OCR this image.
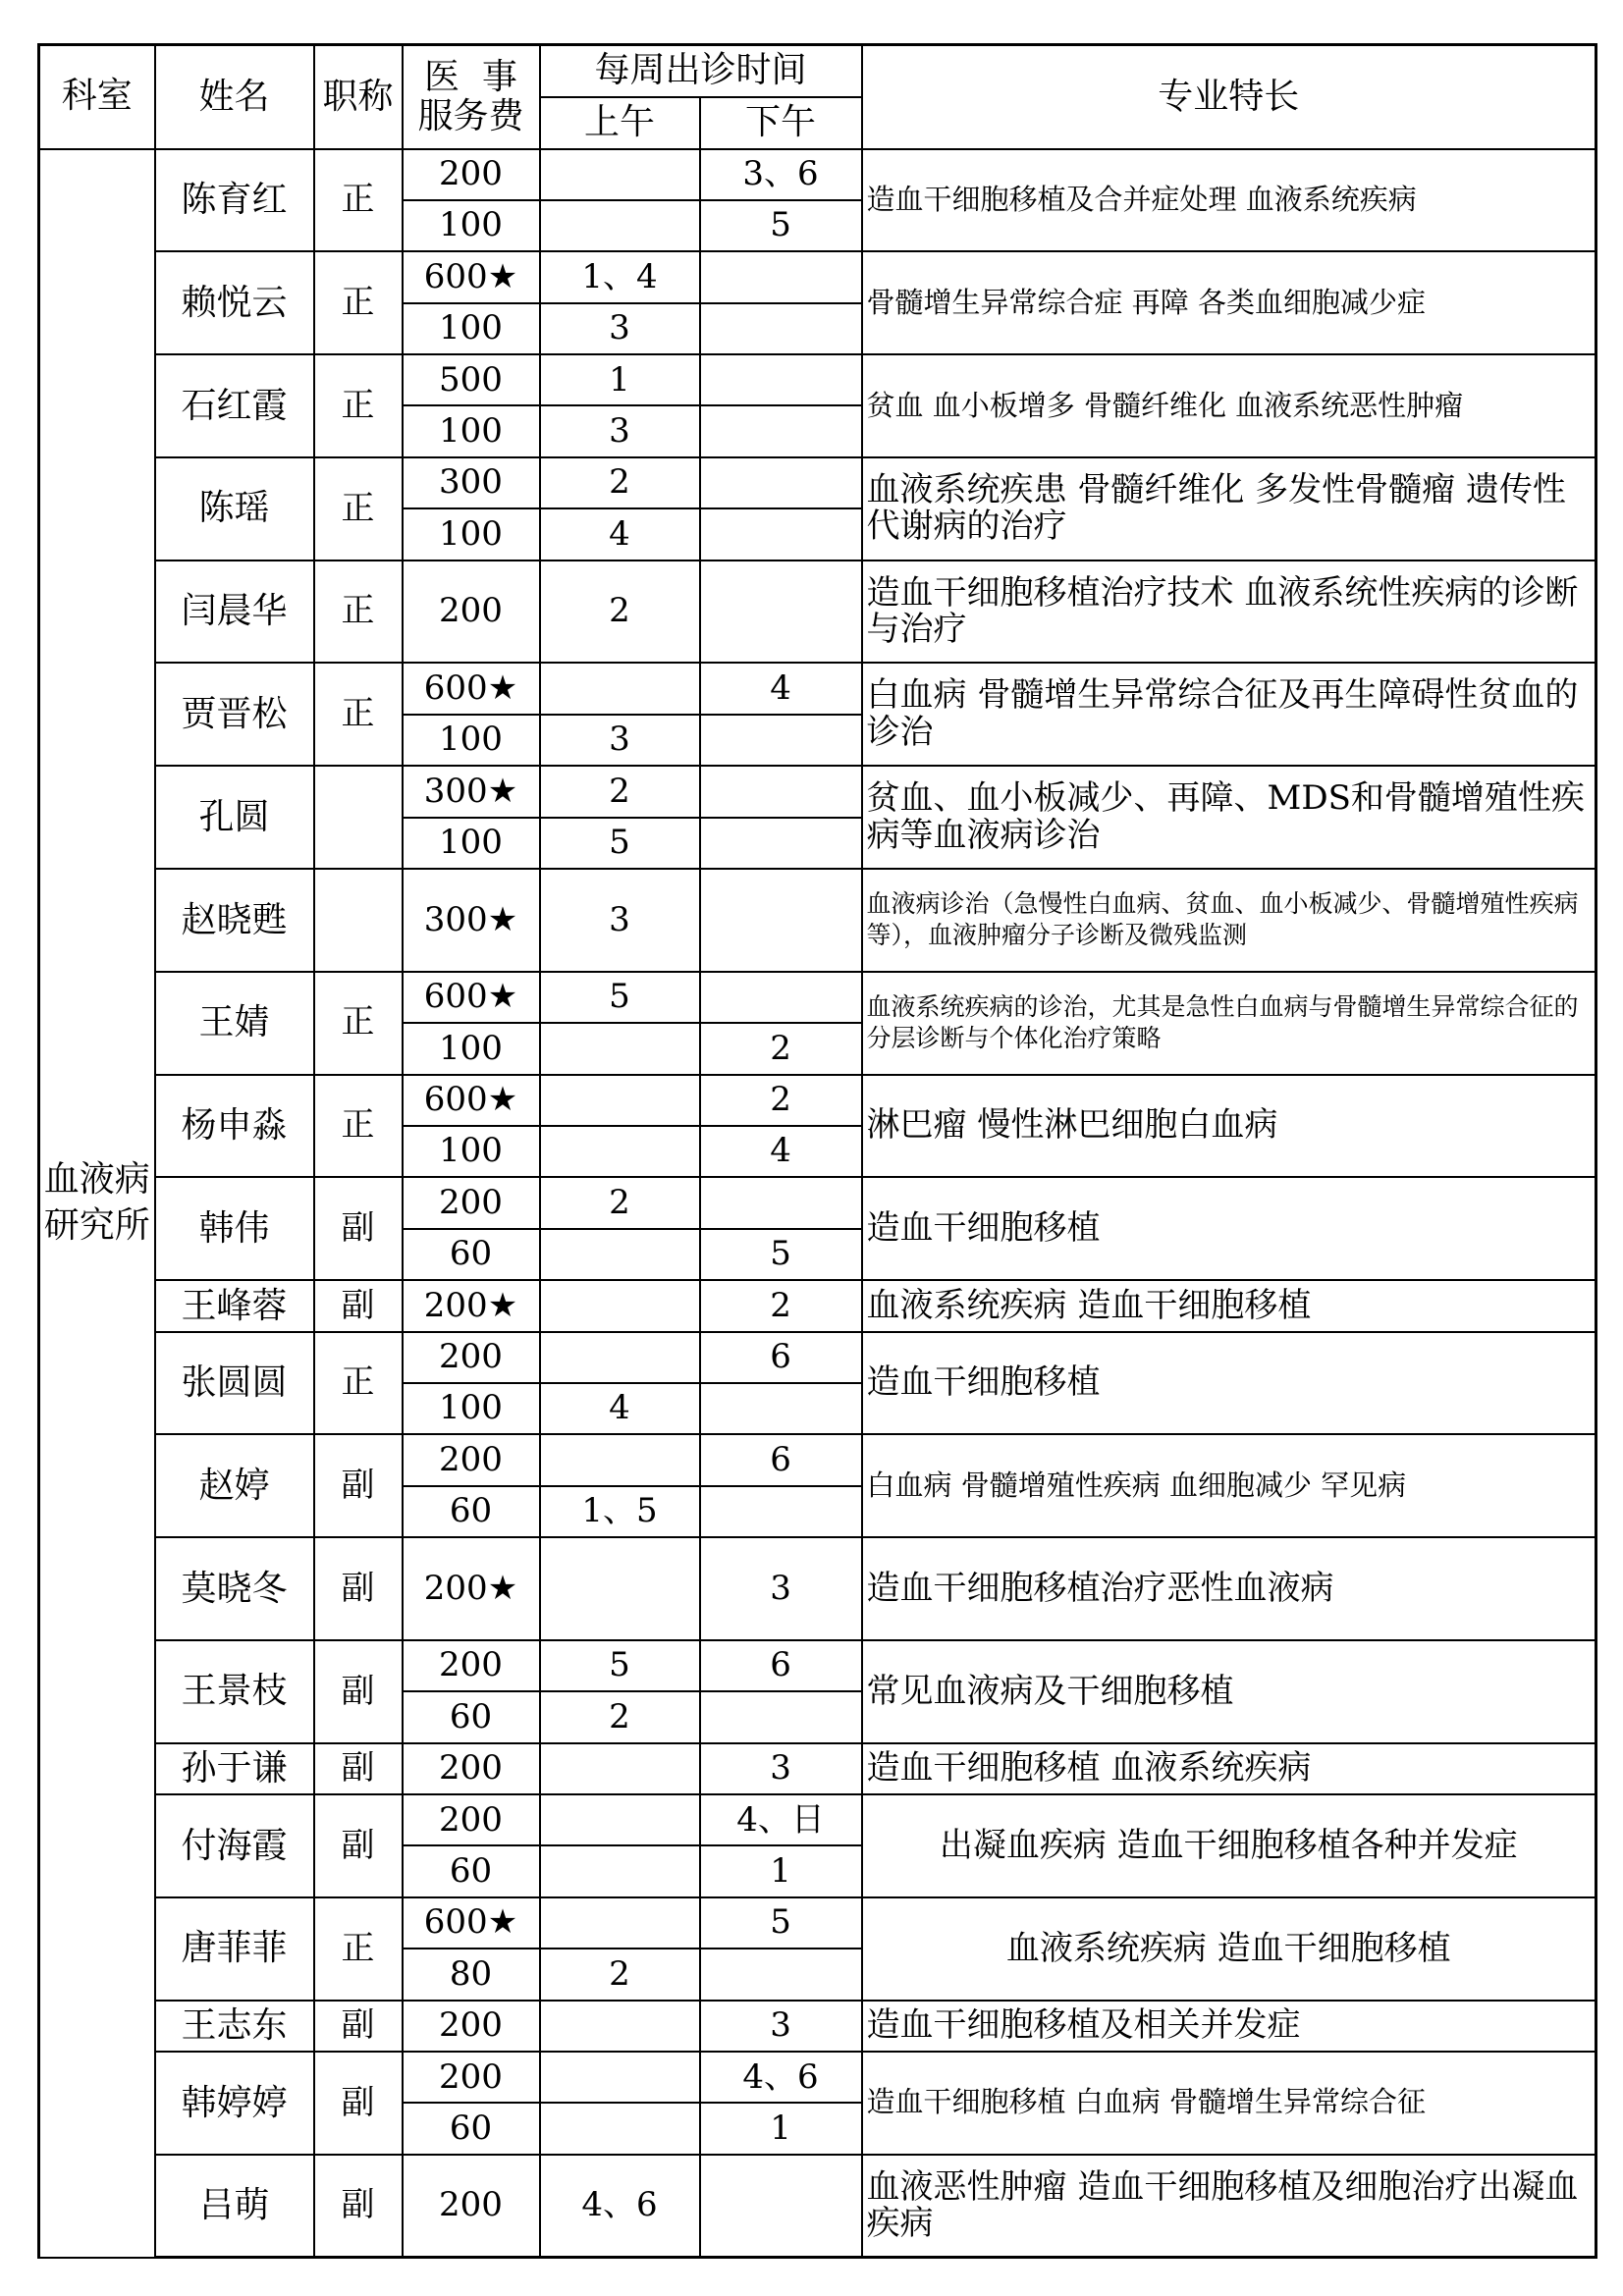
科室	姓名	职称	医  事
服务费	每周出诊时间		专业特长
				上午	下午	
血液病研究所	陈育红	正	200		3、6	造血干细胞移植及合并症处理 血液系统疾病
			100		5	
	赖悦云	正	600★	1、4		骨髓增生异常综合症 再障 各类血细胞减少症
			100	3		
	石红霞	正	500	1		贫血 血小板增多 骨髓纤维化 血液系统恶性肿瘤
			100	3		
	陈瑶	正	300	2		血液系统疾患 骨髓纤维化 多发性骨髓瘤 遗传性代谢病的治疗
			100	4		
	闫晨华	正	200	2		造血干细胞移植治疗技术 血液系统性疾病的诊断与治疗
	贾晋松	正	600★		4	白血病 骨髓增生异常综合征及再生障碍性贫血的诊治
			100	3		
	孔圆		300★	2		贫血、血小板减少、再障、MDS和骨髓增殖性疾病等血液病诊治
			100	5		
	赵晓甦		300★	3		血液病诊治（急慢性白血病、贫血、血小板减少、骨髓增殖性疾病等），血液肿瘤分子诊断及微残监测
	王婧	正	600★	5		血液系统疾病的诊治，尤其是急性白血病与骨髓增生异常综合征的分层诊断与个体化治疗策略
			100		2	
	杨申淼	正	600★		2	淋巴瘤 慢性淋巴细胞白血病
			100		4	
	韩伟	副	200	2		造血干细胞移植
			60		5	
	王峰蓉	副	200★		2	血液系统疾病 造血干细胞移植
	张圆圆	正	200		6	造血干细胞移植
			100	4		
	赵婷	副	200		6	白血病 骨髓增殖性疾病 血细胞减少 罕见病
			60	1、5		
	莫晓冬	副	200★		3	造血干细胞移植治疗恶性血液病
	王景枝	副	200	5	6	常见血液病及干细胞移植
			60	2		
	孙于谦	副	200		3	造血干细胞移植 血液系统疾病
	付海霞	副	200		4、日	出凝血疾病 造血干细胞移植各种并发症
			60		1	
	唐菲菲	正	600★		5	血液系统疾病 造血干细胞移植
			80	2		
	王志东	副	200		3	造血干细胞移植及相关并发症
	韩婷婷	副	200		4、6	造血干细胞移植 白血病 骨髓增生异常综合征
			60		1	
	吕萌	副	200	4、6		血液恶性肿瘤 造血干细胞移植及细胞治疗出凝血疾病
